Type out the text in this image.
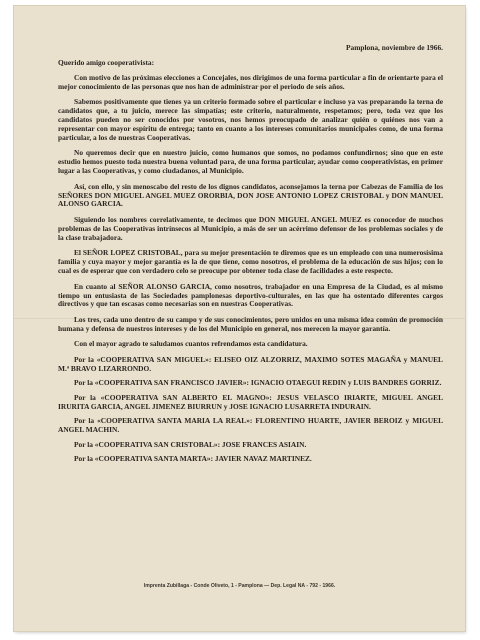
Pamplona, noviembre de 1966.
Querido amigo cooperativista:

Con motivo de las próximas elecciones a Concejales, nos dirigimos de una forma particular a fin de orientarte para el mejor conocimiento de las personas que nos han de administrar por el periodo de seis años.

Sabemos positivamente que tienes ya un criterio formado sobre el particular e incluso ya vas preparando la terna de candidatos que, a tu juicio, merece las simpatías; este criterio, naturalmente, respetamos; pero, toda vez que los candidatos pueden no ser conocidos por vosotros, nos hemos preocupado de analizar quién o quiénes nos van a representar con mayor espíritu de entrega; tanto en cuanto a los intereses comunitarios municipales como, de una forma particular, a los de nuestras Cooperativas.

No queremos decir que en nuestro juicio, como humanos que somos, no podamos confundirnos; sino que en este estudio hemos puesto toda nuestra buena voluntad para, de una forma particular, ayudar como cooperativistas, en primer lugar a las Cooperativas, y como ciudadanos, al Municipio.

Así, con ello, y sin menoscabo del resto de los dignos candidatos, aconsejamos la terna por Cabezas de Familia de los SEÑORES DON MIGUEL ANGEL MUEZ ORORBIA, DON JOSE ANTONIO LOPEZ CRISTOBAL y DON MANUEL ALONSO GARCIA.

Siguiendo los nombres correlativamente, te decimos que DON MIGUEL ANGEL MUEZ es conocedor de muchos problemas de las Cooperativas intrínsecos al Municipio, a más de ser un acérrimo defensor de los problemas sociales y de la clase trabajadora.

El SEÑOR LOPEZ CRISTOBAL, para su mejor presentación te diremos que es un empleado con una numerosísima familia y cuya mayor y mejor garantía es la de que tiene, como nosotros, el problema de la educación de sus hijos; con lo cual es de esperar que con verdadero celo se preocupe por obtener toda clase de facilidades a este respecto.

En cuanto al SEÑOR ALONSO GARCIA, como nosotros, trabajador en una Empresa de la Ciudad, es al mismo tiempo un entusiasta de las Sociedades pamplonesas deportivo-culturales, en las que ha ostentado diferentes cargos directivos y que tan escasas como necesarias son en nuestras Cooperativas.

Los tres, cada uno dentro de su campo y de sus conocimientos, pero unidos en una misma idea común de promoción humana y defensa de nuestros intereses y de los del Municipio en general, nos merecen la mayor garantía.

Con el mayor agrado te saludamos cuantos refrendamos esta candidatura.

Por la «COOPERATIVA SAN MIGUEL»: ELISEO OIZ ALZORRIZ, MAXIMO SOTES MAGAÑA y MANUEL M.ª BRAVO LIZARRONDO.

Por la «COOPERATIVA SAN FRANCISCO JAVIER»: IGNACIO OTAEGUI REDIN y LUIS BANDRES GORRIZ.

Por la «COOPERATIVA SAN ALBERTO EL MAGNO»: JESUS VELASCO IRIARTE, MIGUEL ANGEL IRURITA GARCIA, ANGEL JIMENEZ BIURRUN y JOSE IGNACIO LUSARRETA INDURAIN.

Por la «COOPERATIVA SANTA MARIA LA REAL»: FLORENTINO HUARTE, JAVIER BEROIZ y MIGUEL ANGEL MACHIN.

Por la «COOPERATIVA SAN CRISTOBAL»: JOSE FRANCES ASIAIN.

Por la «COOPERATIVA SANTA MARTA»: JAVIER NAVAZ MARTINEZ.

Imprenta Zubillaga - Conde Oliveto, 1 - Pamplona — Dep. Legal NA - 792 - 1966.
